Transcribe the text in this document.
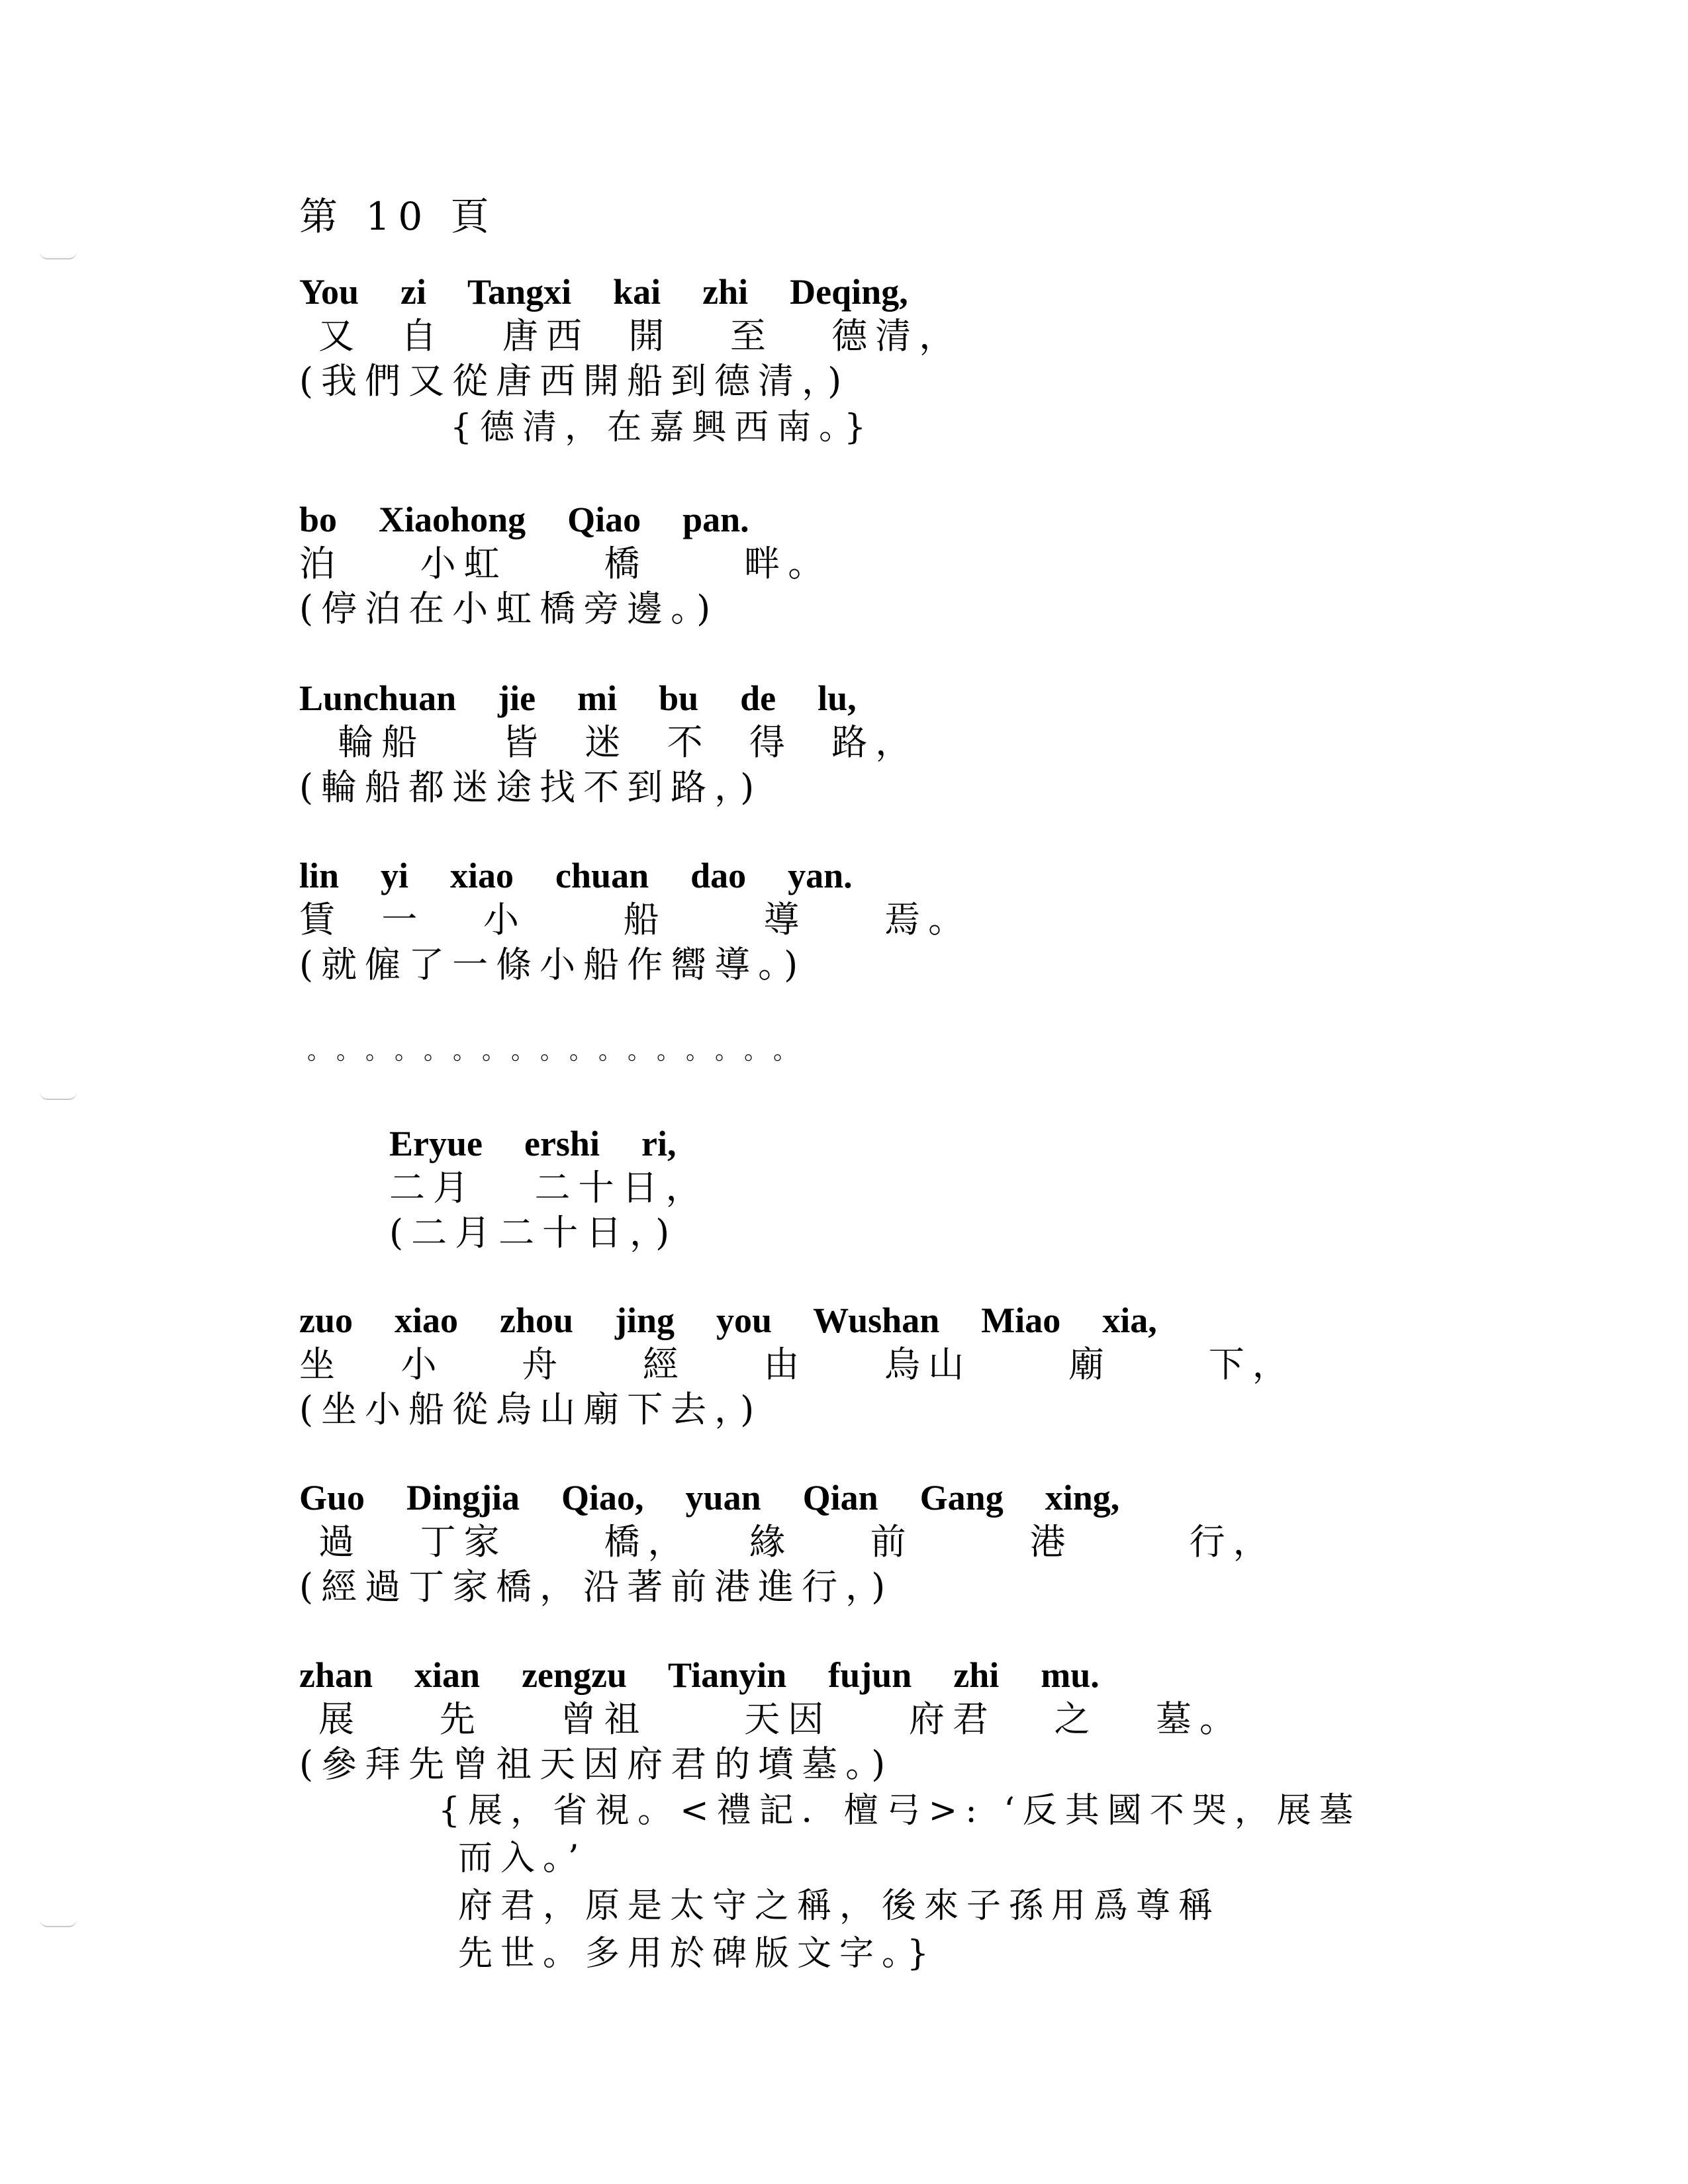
第 10 頁
You  zi  Tangxi  kai  zhi  Deqing,
又  自   唐西  開   至   德清，
(我們又從唐西開船到德清，)
{德清，在嘉興西南。}
bo  Xiaohong  Qiao  pan.
泊    小虹     橋     畔。
(停泊在小虹橋旁邊。)
Lunchuan  jie  mi  bu  de  lu,
輪船    皆  迷  不  得  路，
(輪船都迷途找不到路，)
lin  yi  xiao  chuan  dao  yan.
賃  一   小     船     導    焉。
(就僱了一條小船作嚮導。)
。。。。。。。。。。。。。。。。。
Eryue  ershi  ri,
二月   二十日，
(二月二十日，)
zuo  xiao  zhou  jing  you  Wushan  Miao  xia,
坐   小    舟    經    由    烏山     廟     下，
(坐小船從烏山廟下去，)
Guo  Dingjia  Qiao,  yuan  Qian  Gang  xing,
過   丁家     橋，   緣    前      港      行，
(經過丁家橋，沿著前港進行，)
zhan  xian  zengzu  Tianyin  fujun  zhi  mu.
展    先    曾祖     天因    府君   之   墓。
(參拜先曾祖天因府君的墳墓。)
{展，省視。<禮記．檀弓>: ‘反其國不哭，展墓
而入。’
府君，原是太守之稱，後來子孫用爲尊稱
先世。多用於碑版文字。}
